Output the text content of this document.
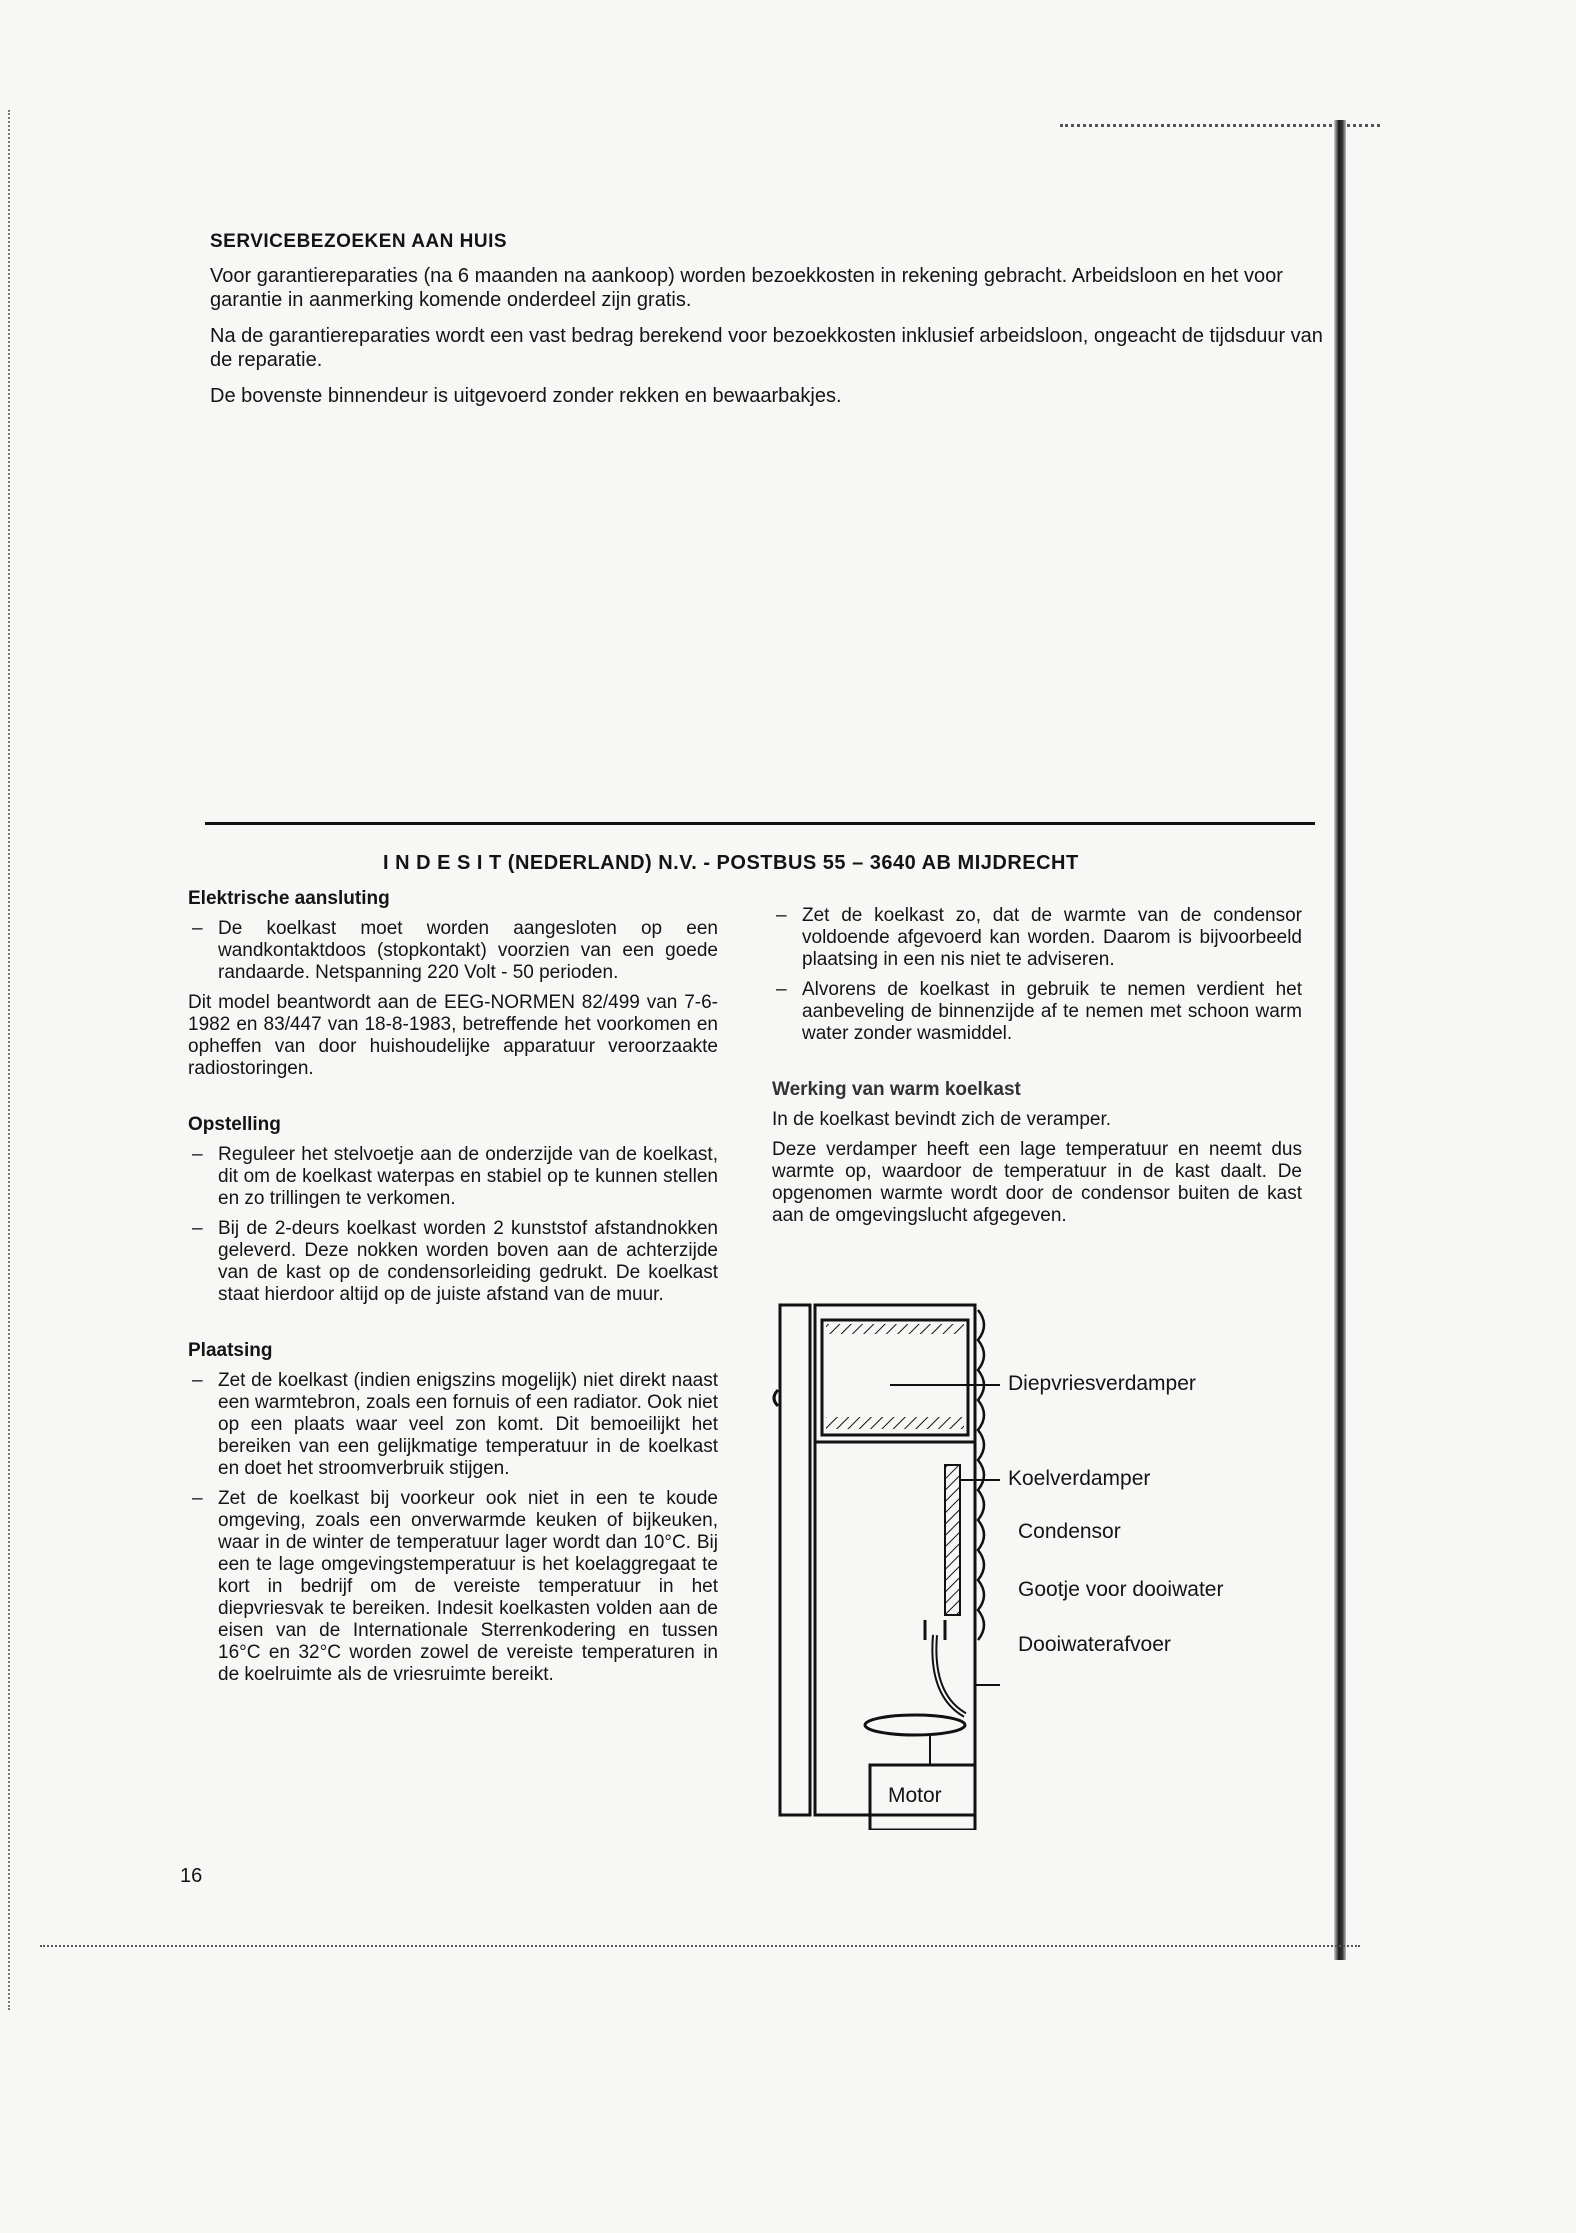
SERVICEBEZOEKEN AAN HUIS

Voor garantiereparaties (na 6 maanden na aankoop) worden bezoekkosten in rekening gebracht. Arbeidsloon en het voor garantie in aanmerking komende onderdeel zijn gratis.

Na de garantiereparaties wordt een vast bedrag berekend voor bezoekkosten inklusief arbeidsloon, ongeacht de tijdsduur van de reparatie.

De bovenste binnendeur is uitgevoerd zonder rekken en bewaarbakjes.

I N D E S I T (NEDERLAND) N.V. - POSTBUS 55 – 3640 AB MIJDRECHT
Elektrische aansluting
– De koelkast moet worden aangesloten op een wandkontaktdoos (stopkontakt) voorzien van een goede randaarde. Netspanning 220 Volt - 50 perioden.

Dit model beantwordt aan de EEG-NORMEN 82/499 van 7-6-1982 en 83/447 van 18-8-1983, betreffende het voorkomen en opheffen van door huishoudelijke apparatuur veroorzaakte radiostoringen.

Opstelling
– Reguleer het stelvoetje aan de onderzijde van de koelkast, dit om de koelkast waterpas en stabiel op te kunnen stellen en zo trillingen te verkomen.
– Bij de 2-deurs koelkast worden 2 kunststof afstandnokken geleverd. Deze nokken worden boven aan de achterzijde van de kast op de condensorleiding gedrukt. De koelkast staat hierdoor altijd op de juiste afstand van de muur.
Plaatsing
– Zet de koelkast (indien enigszins mogelijk) niet direkt naast een warmtebron, zoals een fornuis of een radiator. Ook niet op een plaats waar veel zon komt. Dit bemoeilijkt het bereiken van een gelijkmatige temperatuur in de koelkast en doet het stroomverbruik stijgen.
– Zet de koelkast bij voorkeur ook niet in een te koude omgeving, zoals een onverwarmde keuken of bijkeuken, waar in de winter de temperatuur lager wordt dan 10°C. Bij een te lage omgevingstemperatuur is het koelaggregaat te kort in bedrijf om de vereiste temperatuur in het diepvriesvak te bereiken. Indesit koelkasten volden aan de eisen van de Internationale Sterrenkodering en tussen 16°C en 32°C worden zowel de vereiste temperaturen in de koelruimte als de vriesruimte bereikt.
– Zet de koelkast zo, dat de warmte van de condensor voldoende afgevoerd kan worden. Daarom is bijvoorbeeld plaatsing in een nis niet te adviseren.
– Alvorens de koelkast in gebruik te nemen verdient het aanbeveling de binnenzijde af te nemen met schoon warm water zonder wasmiddel.
Werking van warm koelkast

In de koelkast bevindt zich de veramper.

Deze verdamper heeft een lage temperatuur en neemt dus warmte op, waardoor de temperatuur in de kast daalt. De opgenomen warmte wordt door de condensor buiten de kast aan de omgevingslucht afgegeven.

Diepvriesverdamper
Koelverdamper
Condensor
Gootje voor dooiwater
Dooiwaterafvoer
Motor
16
